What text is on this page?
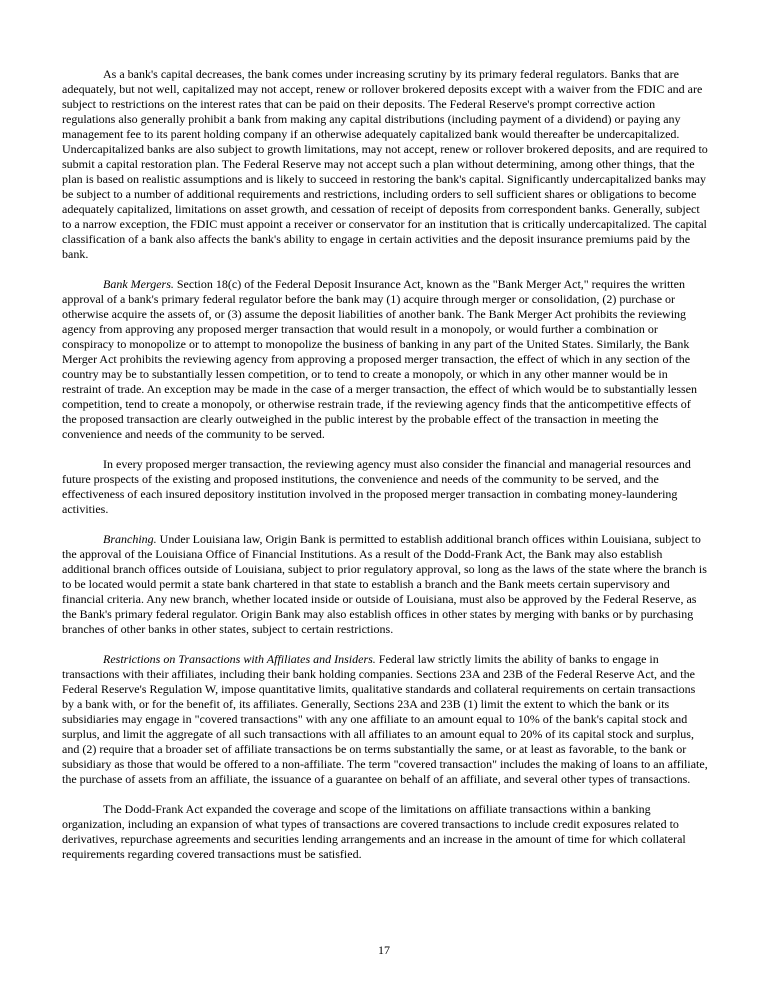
As a bank's capital decreases, the bank comes under increasing scrutiny by its primary federal regulators. Banks that are adequately, but not well, capitalized may not accept, renew or rollover brokered deposits except with a waiver from the FDIC and are subject to restrictions on the interest rates that can be paid on their deposits. The Federal Reserve's prompt corrective action regulations also generally prohibit a bank from making any capital distributions (including payment of a dividend) or paying any management fee to its parent holding company if an otherwise adequately capitalized bank would thereafter be undercapitalized. Undercapitalized banks are also subject to growth limitations, may not accept, renew or rollover brokered deposits, and are required to submit a capital restoration plan. The Federal Reserve may not accept such a plan without determining, among other things, that the plan is based on realistic assumptions and is likely to succeed in restoring the bank's capital. Significantly undercapitalized banks may be subject to a number of additional requirements and restrictions, including orders to sell sufficient shares or obligations to become adequately capitalized, limitations on asset growth, and cessation of receipt of deposits from correspondent banks. Generally, subject to a narrow exception, the FDIC must appoint a receiver or conservator for an institution that is critically undercapitalized. The capital classification of a bank also affects the bank's ability to engage in certain activities and the deposit insurance premiums paid by the bank.

Bank Mergers. Section 18(c) of the Federal Deposit Insurance Act, known as the "Bank Merger Act," requires the written approval of a bank's primary federal regulator before the bank may (1) acquire through merger or consolidation, (2) purchase or otherwise acquire the assets of, or (3) assume the deposit liabilities of another bank. The Bank Merger Act prohibits the reviewing agency from approving any proposed merger transaction that would result in a monopoly, or would further a combination or conspiracy to monopolize or to attempt to monopolize the business of banking in any part of the United States. Similarly, the Bank Merger Act prohibits the reviewing agency from approving a proposed merger transaction, the effect of which in any section of the country may be to substantially lessen competition, or to tend to create a monopoly, or which in any other manner would be in restraint of trade. An exception may be made in the case of a merger transaction, the effect of which would be to substantially lessen competition, tend to create a monopoly, or otherwise restrain trade, if the reviewing agency finds that the anticompetitive effects of the proposed transaction are clearly outweighed in the public interest by the probable effect of the transaction in meeting the convenience and needs of the community to be served.

In every proposed merger transaction, the reviewing agency must also consider the financial and managerial resources and future prospects of the existing and proposed institutions, the convenience and needs of the community to be served, and the effectiveness of each insured depository institution involved in the proposed merger transaction in combating money-laundering activities.

Branching. Under Louisiana law, Origin Bank is permitted to establish additional branch offices within Louisiana, subject to the approval of the Louisiana Office of Financial Institutions. As a result of the Dodd-Frank Act, the Bank may also establish additional branch offices outside of Louisiana, subject to prior regulatory approval, so long as the laws of the state where the branch is to be located would permit a state bank chartered in that state to establish a branch and the Bank meets certain supervisory and financial criteria. Any new branch, whether located inside or outside of Louisiana, must also be approved by the Federal Reserve, as the Bank's primary federal regulator. Origin Bank may also establish offices in other states by merging with banks or by purchasing branches of other banks in other states, subject to certain restrictions.

Restrictions on Transactions with Affiliates and Insiders. Federal law strictly limits the ability of banks to engage in transactions with their affiliates, including their bank holding companies. Sections 23A and 23B of the Federal Reserve Act, and the Federal Reserve's Regulation W, impose quantitative limits, qualitative standards and collateral requirements on certain transactions by a bank with, or for the benefit of, its affiliates. Generally, Sections 23A and 23B (1) limit the extent to which the bank or its subsidiaries may engage in "covered transactions" with any one affiliate to an amount equal to 10% of the bank's capital stock and surplus, and limit the aggregate of all such transactions with all affiliates to an amount equal to 20% of its capital stock and surplus, and (2) require that a broader set of affiliate transactions be on terms substantially the same, or at least as favorable, to the bank or subsidiary as those that would be offered to a non-affiliate. The term "covered transaction" includes the making of loans to an affiliate, the purchase of assets from an affiliate, the issuance of a guarantee on behalf of an affiliate, and several other types of transactions.

The Dodd-Frank Act expanded the coverage and scope of the limitations on affiliate transactions within a banking organization, including an expansion of what types of transactions are covered transactions to include credit exposures related to derivatives, repurchase agreements and securities lending arrangements and an increase in the amount of time for which collateral requirements regarding covered transactions must be satisfied.

17
